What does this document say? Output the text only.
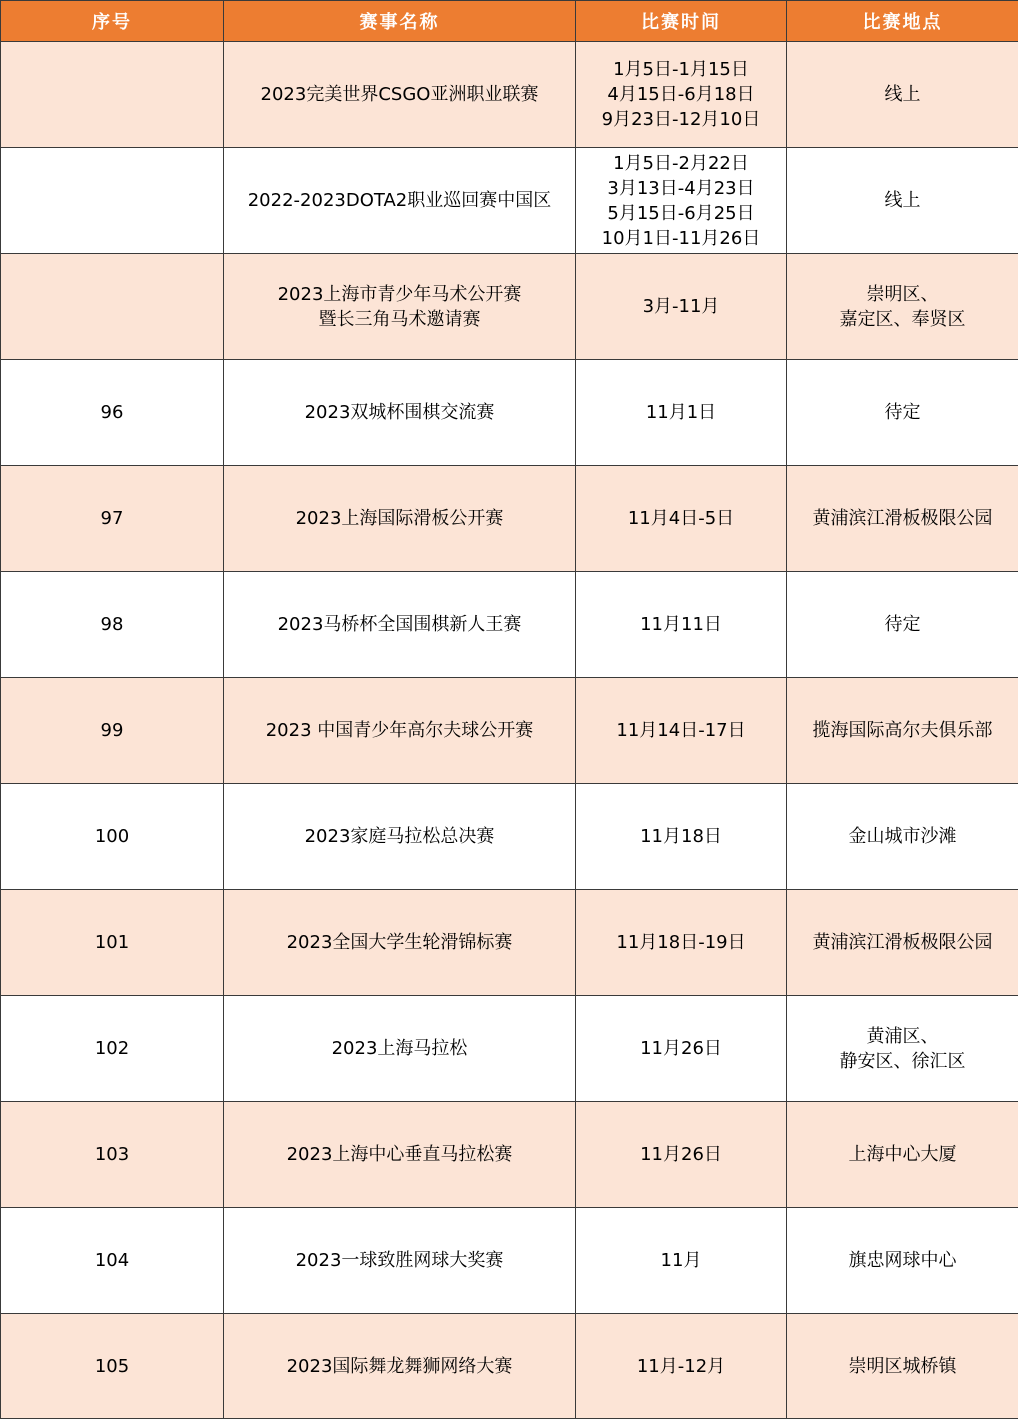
序号	赛事名称	比赛时间	比赛地点

	2023完美世界CSGO亚洲职业联赛	1月5日-1月15日
4月15日-6月18日
9月23日-12月10日	线上

	2022-2023DOTA2职业巡回赛中国区	1月5日-2月22日
3月13日-4月23日
5月15日-6月25日
10月1日-11月26日	线上

	2023上海市青少年马术公开赛
暨长三角马术邀请赛	3月-11月	崇明区、
嘉定区、奉贤区

96	2023双城杯围棋交流赛	11月1日	待定

97	2023上海国际滑板公开赛	11月4日-5日	黄浦滨江滑板极限公园

98	2023马桥杯全国围棋新人王赛	11月11日	待定

99	2023 中国青少年高尔夫球公开赛	11月14日-17日	揽海国际高尔夫俱乐部

100	2023家庭马拉松总决赛	11月18日	金山城市沙滩

101	2023全国大学生轮滑锦标赛	11月18日-19日	黄浦滨江滑板极限公园

102	2023上海马拉松	11月26日	黄浦区、
静安区、徐汇区

103	2023上海中心垂直马拉松赛	11月26日	上海中心大厦

104	2023一球致胜网球大奖赛	11月	旗忠网球中心

105	2023国际舞龙舞狮网络大赛	11月-12月	崇明区城桥镇
